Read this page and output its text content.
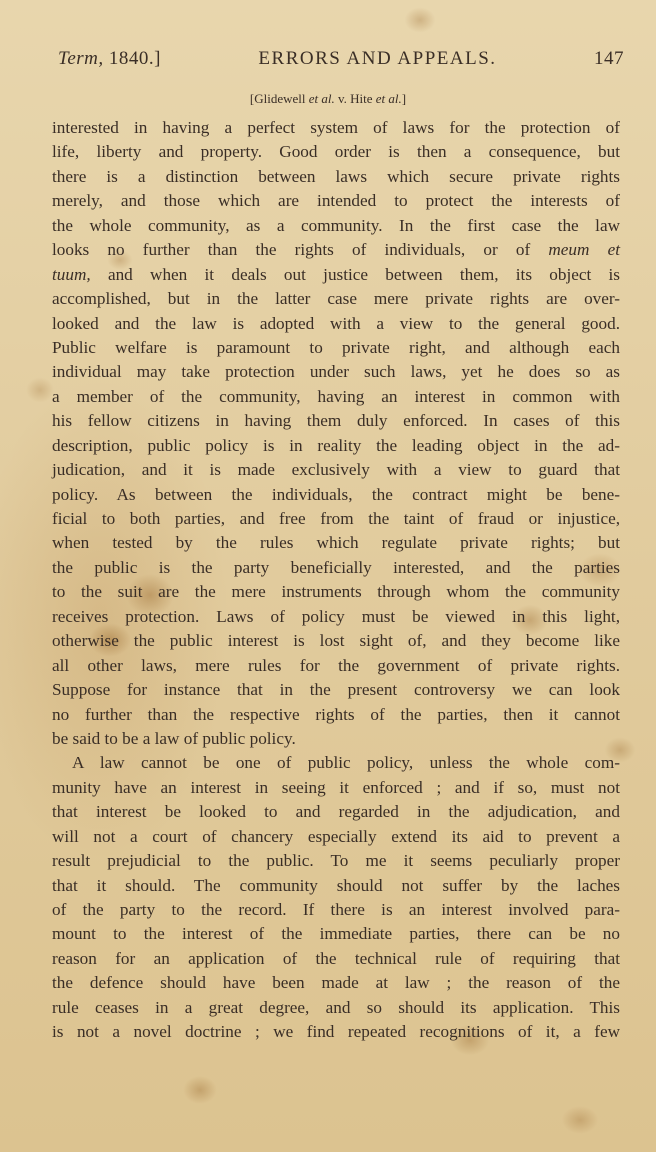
Term, 1840.]	ERRORS AND APPEALS.	147
[Glidewell et al. v. Hite et al.]
interested in having a perfect system of laws for the protection of
life, liberty and property. Good order is then a consequence, but
there is a distinction between laws which secure private rights
merely, and those which are intended to protect the interests of
the whole community, as a community. In the first case the law
looks no further than the rights of individuals, or of meum et
tuum, and when it deals out justice between them, its object is
accomplished, but in the latter case mere private rights are over-
looked and the law is adopted with a view to the general good.
Public welfare is paramount to private right, and although each
individual may take protection under such laws, yet he does so as
a member of the community, having an interest in common with
his fellow citizens in having them duly enforced. In cases of this
description, public policy is in reality the leading object in the ad-
judication, and it is made exclusively with a view to guard that
policy. As between the individuals, the contract might be bene-
ficial to both parties, and free from the taint of fraud or injustice,
when tested by the rules which regulate private rights; but
the public is the party beneficially interested, and the parties
to the suit are the mere instruments through whom the community
receives protection. Laws of policy must be viewed in this light,
otherwise the public interest is lost sight of, and they become like
all other laws, mere rules for the government of private rights.
Suppose for instance that in the present controversy we can look
no further than the respective rights of the parties, then it cannot
be said to be a law of public policy.
A law cannot be one of public policy, unless the whole com-
munity have an interest in seeing it enforced ; and if so, must not
that interest be looked to and regarded in the adjudication, and
will not a court of chancery especially extend its aid to prevent a
result prejudicial to the public. To me it seems peculiarly proper
that it should. The community should not suffer by the laches
of the party to the record. If there is an interest involved para-
mount to the interest of the immediate parties, there can be no
reason for an application of the technical rule of requiring that
the defence should have been made at law ; the reason of the
rule ceases in a great degree, and so should its application. This
is not a novel doctrine ; we find repeated recognitions of it, a few
